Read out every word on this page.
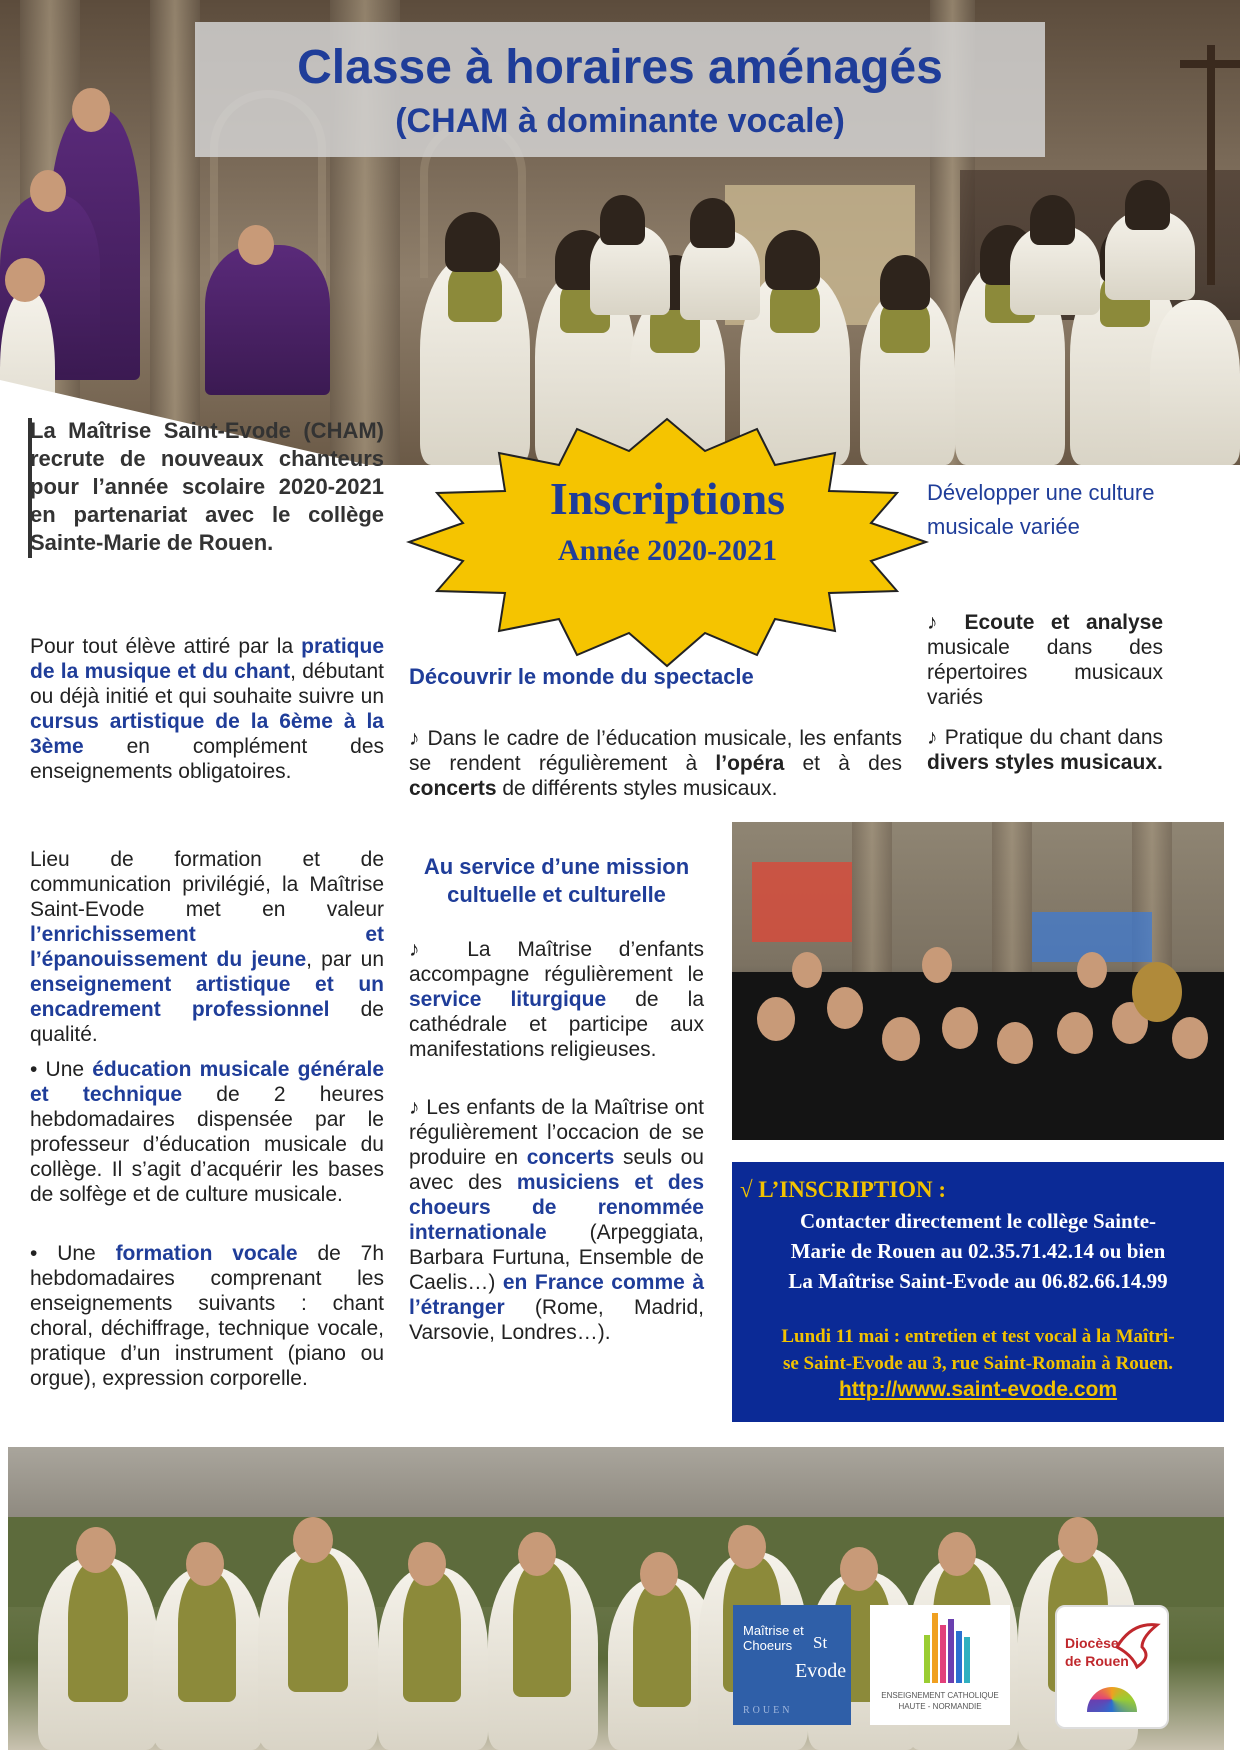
Classe à horaires aménagés
(CHAM à dominante vocale)
La Maîtrise Saint-Evode (CHAM) recrute de nouveaux chanteurs pour l’année scolaire 2020-2021 en partenariat avec le collège Sainte-Marie de Rouen.
Pour tout élève attiré par la pratique de la musique et du chant, débutant ou déjà initié et qui souhaite suivre un cursus artistique de la 6ème à la 3ème en complément des enseignements obligatoires.
Lieu de formation et de communication privilégié, la Maîtrise Saint-Evode met en valeur l’enrichissement et l’épanouissement du jeune, par un enseignement artistique et un encadrement professionnel de qualité.
• Une éducation musicale générale et technique de 2 heures hebdomadaires dispensée par le professeur d’éducation musicale du collège. Il s’agit d’acquérir les bases de solfège et de culture musicale.
• Une formation vocale de 7h hebdomadaires comprenant les enseignements suivants : chant choral, déchiffrage, technique vocale, pratique d’un instrument (piano ou orgue), expression corporelle.
Inscriptions
Année 2020-2021
Découvrir le monde du spectacle
♪ Dans le cadre de l’éducation musicale, les enfants se rendent régulièrement à l’opéra et à des concerts de différents styles musicaux.
Au service d’une mission cultuelle et culturelle
♪ La Maîtrise d’enfants accompagne régulièrement le service liturgique de la cathédrale et participe aux manifestations religieuses.
♪ Les enfants de la Maîtrise ont régulièrement l’occacion de se produire en concerts seuls ou avec des musiciens et des choeurs de renommée internationale (Arpeggiata, Barbara Furtuna, Ensemble de Caelis…) en France comme à l’étranger (Rome, Madrid, Varsovie, Londres…).
Développer une culture musicale variée
♪ Ecoute et analyse musicale dans des répertoires musicaux variés
♪ Pratique du chant dans divers styles musicaux.
√ L’INSCRIPTION :
Contacter directement le collège Sainte-
Marie de Rouen au 02.35.71.42.14 ou bien
La Maîtrise Saint-Evode au 06.82.66.14.99
Lundi 11 mai : entretien et test vocal à la Maîtri-
se Saint-Evode au 3, rue Saint-Romain à Rouen.
http://www.saint-evode.com
Maîtrise et
Choeurs St
Evode
ROUEN
ENSEIGNEMENT CATHOLIQUE
HAUTE - NORMANDIE
Diocèse
de Rouen
